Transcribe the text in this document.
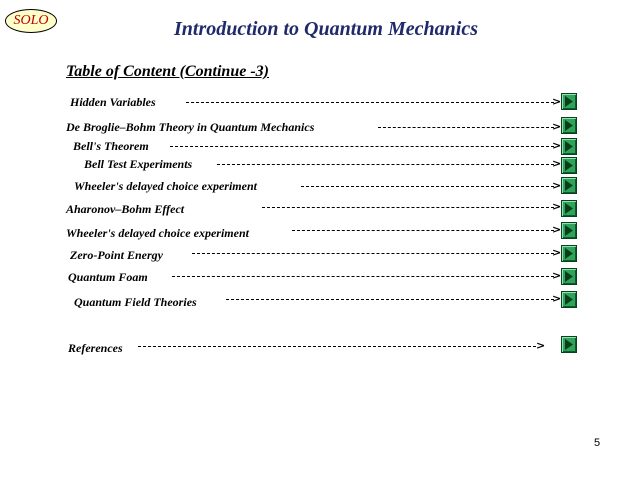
SOLO	Introduction to Quantum Mechanics
Table of Content (Continue -3)
Hidden Variables	>
De Broglie–Bohm Theory in Quantum Mechanics	>
Bell's Theorem	>
Bell Test Experiments	>
Wheeler's delayed choice experiment	>
Aharonov–Bohm Effect	>
Wheeler's delayed choice experiment	>
Zero-Point Energy	>
Quantum Foam	>
Quantum Field Theories	>
References	>
5
